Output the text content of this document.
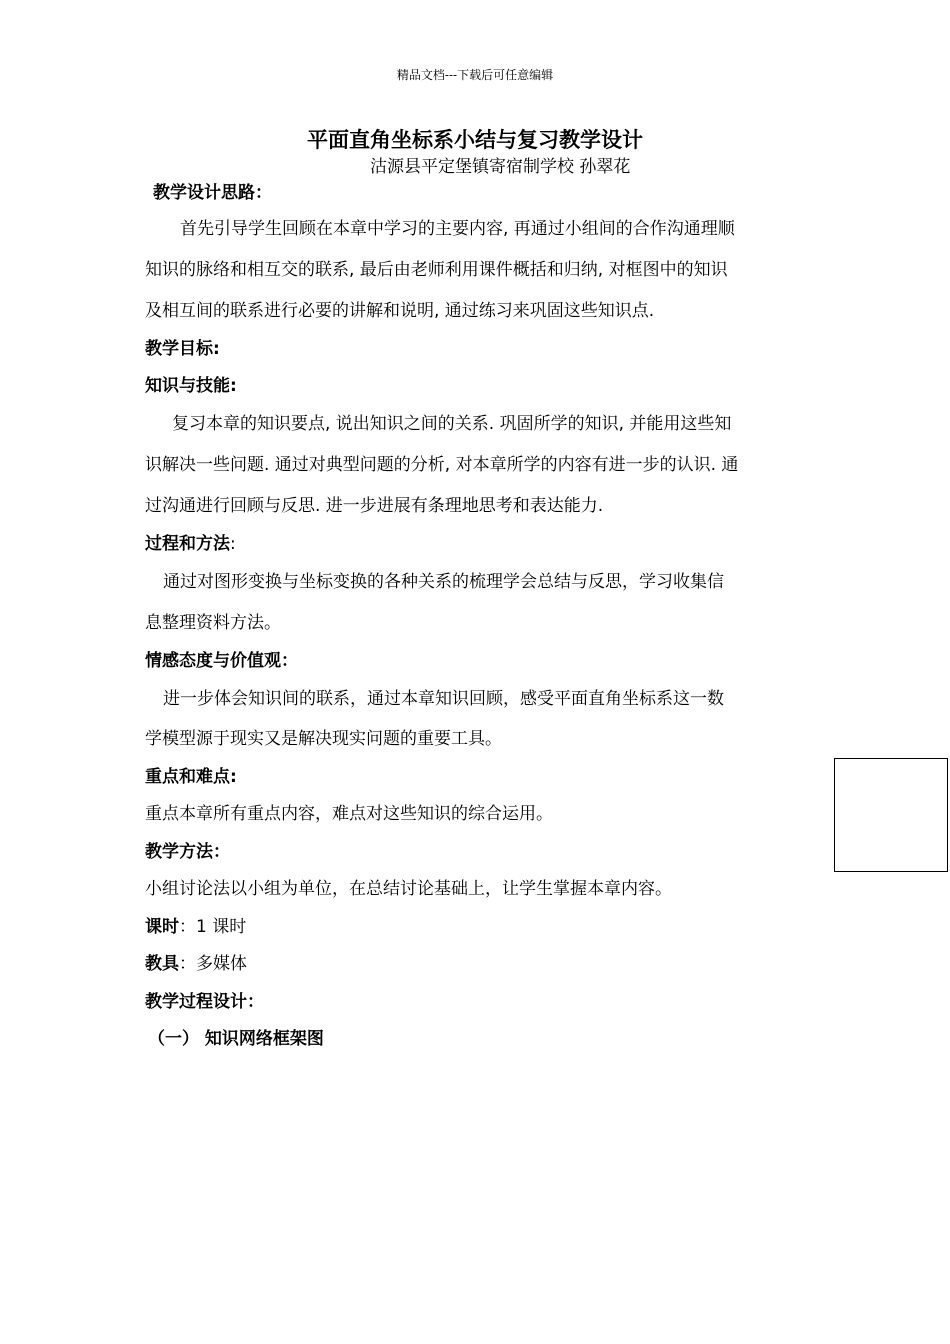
精品文档---下载后可任意编辑
平面直角坐标系小结与复习教学设计
沽源县平定堡镇寄宿制学校 孙翠花
教学设计思路：
首先引导学生回顾在本章中学习的主要内容, 再通过小组间的合作沟通理顺
知识的脉络和相互交的联系, 最后由老师利用课件概括和归纳, 对框图中的知识
及相互间的联系进行必要的讲解和说明, 通过练习来巩固这些知识点.
教学目标:
知识与技能:
复习本章的知识要点, 说出知识之间的关系. 巩固所学的知识, 并能用这些知
识解决一些问题. 通过对典型问题的分析, 对本章所学的内容有进一步的认识. 通
过沟通进行回顾与反思. 进一步进展有条理地思考和表达能力.
过程和方法:
通过对图形变换与坐标变换的各种关系的梳理学会总结与反思，学习收集信
息整理资料方法。
情感态度与价值观：
进一步体会知识间的联系，通过本章知识回顾，感受平面直角坐标系这一数
学模型源于现实又是解决现实问题的重要工具。
重点和难点:
重点本章所有重点内容，难点对这些知识的综合运用。
教学方法：
小组讨论法以小组为单位，在总结讨论基础上，让学生掌握本章内容。
课时：1 课时
教具：多媒体
教学过程设计：
（一） 知识网络框架图
